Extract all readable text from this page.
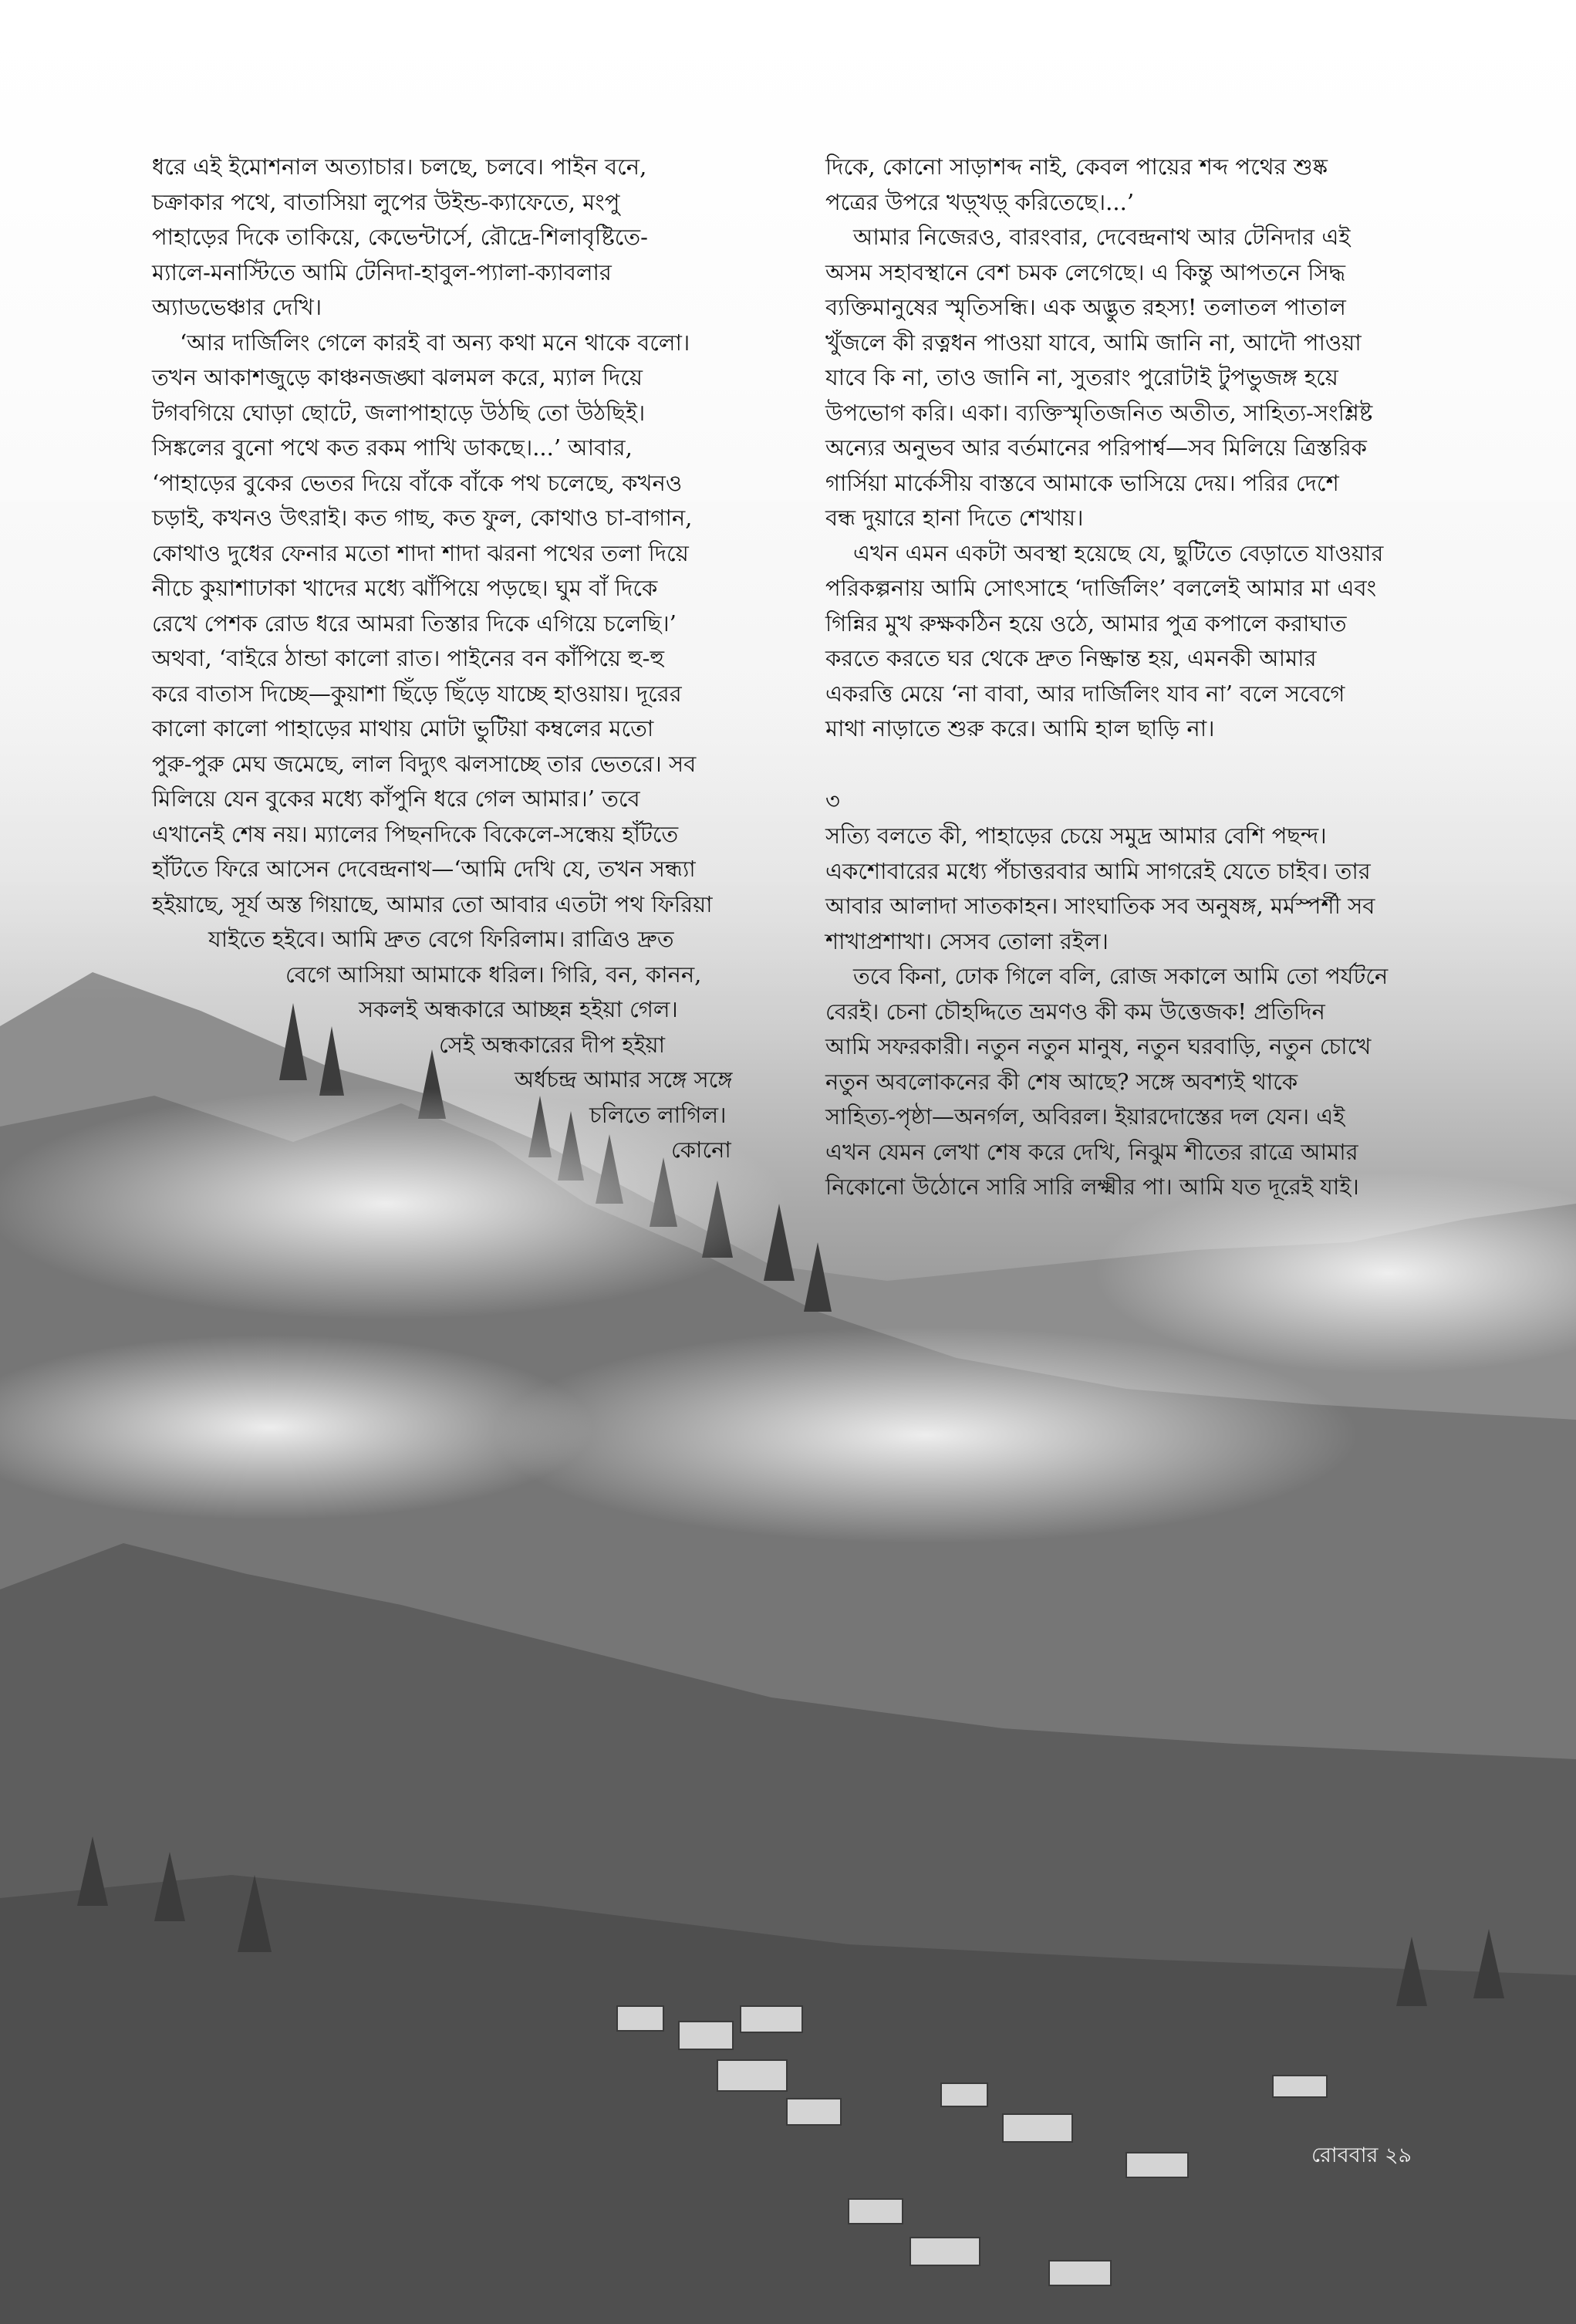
ধরে এই ইমোশনাল অত্যাচার। চলছে, চলবে। পাইন বনে,
চক্রাকার পথে, বাতাসিয়া লুপের উইন্ড-ক্যাফেতে, মংপু
পাহাড়ের দিকে তাকিয়ে, কেভেন্টার্সে, রৌদ্রে-শিলাবৃষ্টিতে-
ম্যালে-মনাস্টিতে আমি টেনিদা-হাবুল-প্যালা-ক্যাবলার
অ্যাডভেঞ্চার দেখি।
‘আর দার্জিলিং গেলে কারই বা অন্য কথা মনে থাকে বলো।
তখন আকাশজুড়ে কাঞ্চনজঙ্ঘা ঝলমল করে, ম্যাল দিয়ে
টগবগিয়ে ঘোড়া ছোটে, জলাপাহাড়ে উঠছি তো উঠছিই।
সিঙ্কলের বুনো পথে কত রকম পাখি ডাকছে।...’ আবার,
‘পাহাড়ের বুকের ভেতর দিয়ে বাঁকে বাঁকে পথ চলেছে, কখনও
চড়াই, কখনও উৎরাই। কত গাছ, কত ফুল, কোথাও চা-বাগান,
কোথাও দুধের ফেনার মতো শাদা শাদা ঝরনা পথের তলা দিয়ে
নীচে কুয়াশাঢাকা খাদের মধ্যে ঝাঁপিয়ে পড়ছে। ঘুম বাঁ দিকে
রেখে পেশক রোড ধরে আমরা তিস্তার দিকে এগিয়ে চলেছি।’
অথবা, ‘বাইরে ঠান্ডা কালো রাত। পাইনের বন কাঁপিয়ে হু-হু
করে বাতাস দিচ্ছে—কুয়াশা ছিঁড়ে ছিঁড়ে যাচ্ছে হাওয়ায়। দূরের
কালো কালো পাহাড়ের মাথায় মোটা ভুটিয়া কম্বলের মতো
পুরু-পুরু মেঘ জমেছে, লাল বিদ্যুৎ ঝলসাচ্ছে তার ভেতরে। সব
মিলিয়ে যেন বুকের মধ্যে কাঁপুনি ধরে গেল আমার।’ তবে
এখানেই শেষ নয়। ম্যালের পিছনদিকে বিকেলে-সন্ধেয় হাঁটতে
হাঁটতে ফিরে আসেন দেবেন্দ্রনাথ—‘আমি দেখি যে, তখন সন্ধ্যা
হইয়াছে, সূর্য অস্ত গিয়াছে, আমার তো আবার এতটা পথ ফিরিয়া
যাইতে হইবে। আমি দ্রুত বেগে ফিরিলাম। রাত্রিও দ্রুত
বেগে আসিয়া আমাকে ধরিল। গিরি, বন, কানন,
সকলই অন্ধকারে আচ্ছন্ন হইয়া গেল।
সেই অন্ধকারের দীপ হইয়া
অর্ধচন্দ্র আমার সঙ্গে সঙ্গে
চলিতে লাগিল।
কোনো
দিকে, কোনো সাড়াশব্দ নাই, কেবল পায়ের শব্দ পথের শুষ্ক
পত্রের উপরে খড়্খড়্ করিতেছে।...’
আমার নিজেরও, বারংবার, দেবেন্দ্রনাথ আর টেনিদার এই
অসম সহাবস্থানে বেশ চমক লেগেছে। এ কিন্তু আপতনে সিদ্ধ
ব্যক্তিমানুষের স্মৃতিসন্ধি। এক অদ্ভুত রহস্য! তলাতল পাতাল
খুঁজলে কী রত্নধন পাওয়া যাবে, আমি জানি না, আদৌ পাওয়া
যাবে কি না, তাও জানি না, সুতরাং পুরোটাই টুপভুজঙ্গ হয়ে
উপভোগ করি। একা। ব্যক্তিস্মৃতিজনিত অতীত, সাহিত্য-সংশ্লিষ্ট
অন্যের অনুভব আর বর্তমানের পরিপার্শ্ব—সব মিলিয়ে ত্রিস্তরিক
গার্সিয়া মার্কেসীয় বাস্তবে আমাকে ভাসিয়ে দেয়। পরির দেশে
বন্ধ দুয়ারে হানা দিতে শেখায়।
এখন এমন একটা অবস্থা হয়েছে যে, ছুটিতে বেড়াতে যাওয়ার
পরিকল্পনায় আমি সোৎসাহে ‘দার্জিলিং’ বললেই আমার মা এবং
গিন্নির মুখ রুক্ষকঠিন হয়ে ওঠে, আমার পুত্র কপালে করাঘাত
করতে করতে ঘর থেকে দ্রুত নিষ্ক্রান্ত হয়, এমনকী আমার
একরত্তি মেয়ে ‘না বাবা, আর দার্জিলিং যাব না’ বলে সবেগে
মাথা নাড়াতে শুরু করে। আমি হাল ছাড়ি না।
৩
সত্যি বলতে কী, পাহাড়ের চেয়ে সমুদ্র আমার বেশি পছন্দ।
একশোবারের মধ্যে পঁচাত্তরবার আমি সাগরেই যেতে চাইব। তার
আবার আলাদা সাতকাহন। সাংঘাতিক সব অনুষঙ্গ, মর্মস্পর্শী সব
শাখাপ্রশাখা। সেসব তোলা রইল।
তবে কিনা, ঢোক গিলে বলি, রোজ সকালে আমি তো পর্যটনে
বেরই। চেনা চৌহদ্দিতে ভ্রমণও কী কম উত্তেজক! প্রতিদিন
আমি সফরকারী। নতুন নতুন মানুষ, নতুন ঘরবাড়ি, নতুন চোখে
নতুন অবলোকনের কী শেষ আছে? সঙ্গে অবশ্যই থাকে
সাহিত্য-পৃষ্ঠা—অনর্গল, অবিরল। ইয়ারদোস্তের দল যেন। এই
এখন যেমন লেখা শেষ করে দেখি, নিঝুম শীতের রাত্রে আমার
নিকোনো উঠোনে সারি সারি লক্ষ্মীর পা। আমি যত দূরেই যাই।
রোববার ২৯
